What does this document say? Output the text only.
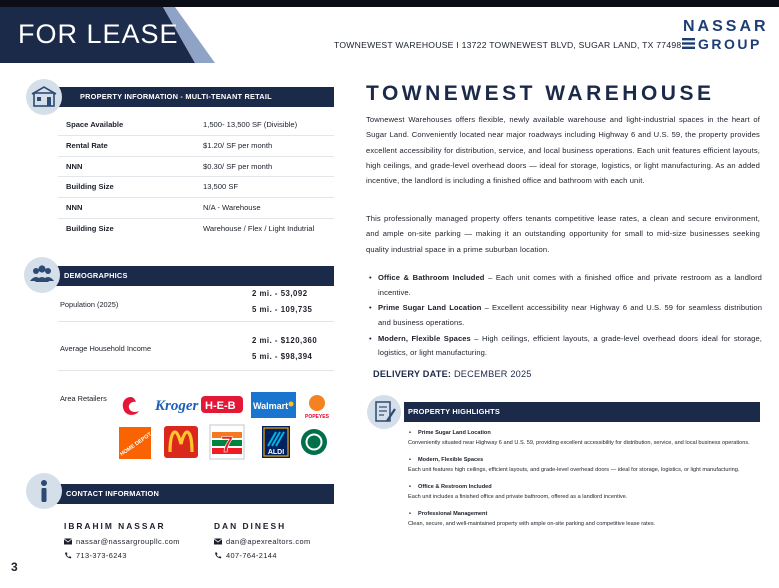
FOR LEASE	TOWNEWEST WAREHOUSE I 13722 TOWNEWEST BLVD, SUGAR LAND, TX 77498
NASSAR
GROUP
PROPERTY INFORMATION - MULTI-TENANT RETAIL
Space Available	1,500- 13,500 SF (Divisible)
Rental Rate	$1.20/ SF per month
NNN	$0.30/ SF per month
Building Size	13,500 SF
NNN	N/A - Warehouse
Building Size	Warehouse / Flex / Light Indutrial
DEMOGRAPHICS
Population (2025)
2 mi. - 53,092
5 mi. - 109,735
Average Household Income
2 mi. - $120,360
5 mi. - $98,394
Area Retailers	Kroger H-E-B Walmart
POPEYES
HOME DEPOT	7	ALDI
CONTACT INFORMATION
IBRAHIM NASSAR
nassar@nassargroupllc.com
713-373-6243
DAN DINESH
dan@apexrealtors.com
407-764-2144
3
TOWNEWEST WAREHOUSE
Townewest Warehouses offers flexible, newly available warehouse and light-industrial spaces in the heart of Sugar Land. Conveniently located near major roadways including Highway 6 and U.S. 59, the property provides excellent accessibility for distribution, service, and local business operations. Each unit features efficient layouts, high ceilings, and grade-level overhead doors — ideal for storage, logistics, or light manufacturing. As an added incentive, the landlord is including a finished office and bathroom with each unit.
This professionally managed property offers tenants competitive lease rates, a clean and secure environment, and ample on-site parking — making it an outstanding opportunity for small to mid-size businesses seeking quality industrial space in a prime suburban location.
• Office & Bathroom Included – Each unit comes with a finished office and private restroom as a landlord incentive.
• Prime Sugar Land Location – Excellent accessibility near Highway 6 and U.S. 59 for seamless distribution and business operations.
• Modern, Flexible Spaces – High ceilings, efficient layouts, a grade-level overhead doors ideal for storage, logistics, or light manufacturing.
DELIVERY DATE: DECEMBER 2025
PROPERTY HIGHLIGHTS
• Prime Sugar Land Location
Conveniently situated near Highway 6 and U.S. 59, providing excellent accessibility for distribution, service, and local business operations.
• Modern, Flexible Spaces
Each unit features high ceilings, efficient layouts, and grade-level overhead doors — ideal for storage, logistics, or light manufacturing.
• Office & Restroom Included
Each unit includes a finished office and private bathroom, offered as a landlord incentive.
• Professional Management
Clean, secure, and well-maintained property with ample on-site parking and competitive lease rates.
